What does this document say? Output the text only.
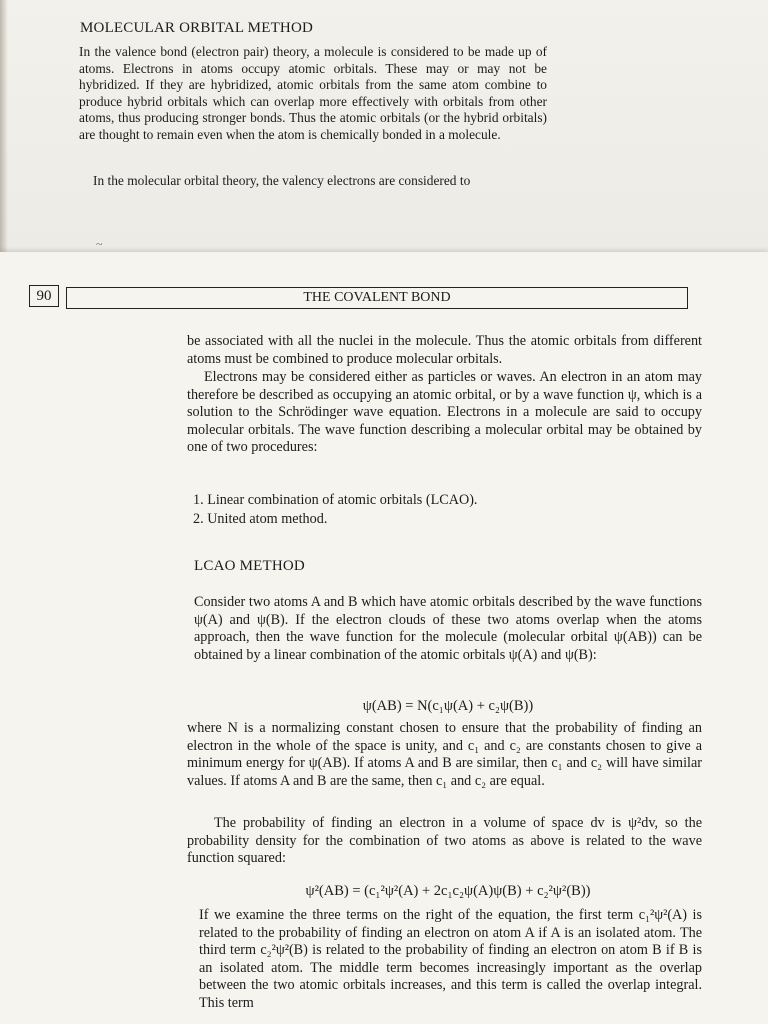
MOLECULAR ORBITAL METHOD

In the valence bond (electron pair) theory, a molecule is considered to be made up of atoms. Electrons in atoms occupy atomic orbitals. These may or may not be hybridized. If they are hybridized, atomic orbitals from the same atom combine to produce hybrid orbitals which can overlap more effectively with orbitals from other atoms, thus producing stronger bonds. Thus the atomic orbitals (or the hybrid orbitals) are thought to remain even when the atom is chemically bonded in a molecule.

In the molecular orbital theory, the valency electrons are considered to

~
90	THE COVALENT BOND

be associated with all the nuclei in the molecule. Thus the atomic orbitals from different atoms must be combined to produce molecular orbitals.

Electrons may be considered either as particles or waves. An electron in an atom may therefore be described as occupying an atomic orbital, or by a wave function ψ, which is a solution to the Schrödinger wave equation. Electrons in a molecule are said to occupy molecular orbitals. The wave function describing a molecular orbital may be obtained by one of two procedures:

1. Linear combination of atomic orbitals (LCAO).
2. United atom method.
LCAO METHOD

Consider two atoms A and B which have atomic orbitals described by the wave functions ψ(A) and ψ(B). If the electron clouds of these two atoms overlap when the atoms approach, then the wave function for the molecule (molecular orbital ψ(AB)) can be obtained by a linear combination of the atomic orbitals ψ(A) and ψ(B):

ψ(AB) = N(c₁ψ(A) + c₂ψ(B))

where N is a normalizing constant chosen to ensure that the probability of finding an electron in the whole of the space is unity, and c₁ and c₂ are constants chosen to give a minimum energy for ψ(AB). If atoms A and B are similar, then c₁ and c₂ will have similar values. If atoms A and B are the same, then c₁ and c₂ are equal.

The probability of finding an electron in a volume of space dv is ψ²dv, so the probability density for the combination of two atoms as above is related to the wave function squared:

ψ²(AB) = (c₁²ψ²(A) + 2c₁c₂ψ(A)ψ(B) + c₂²ψ²(B))

If we examine the three terms on the right of the equation, the first term c₁²ψ²(A) is related to the probability of finding an electron on atom A if A is an isolated atom. The third term c₂²ψ²(B) is related to the probability of finding an electron on atom B if B is an isolated atom. The middle term becomes increasingly important as the overlap between the two atomic orbitals increases, and this term is called the overlap integral. This term
